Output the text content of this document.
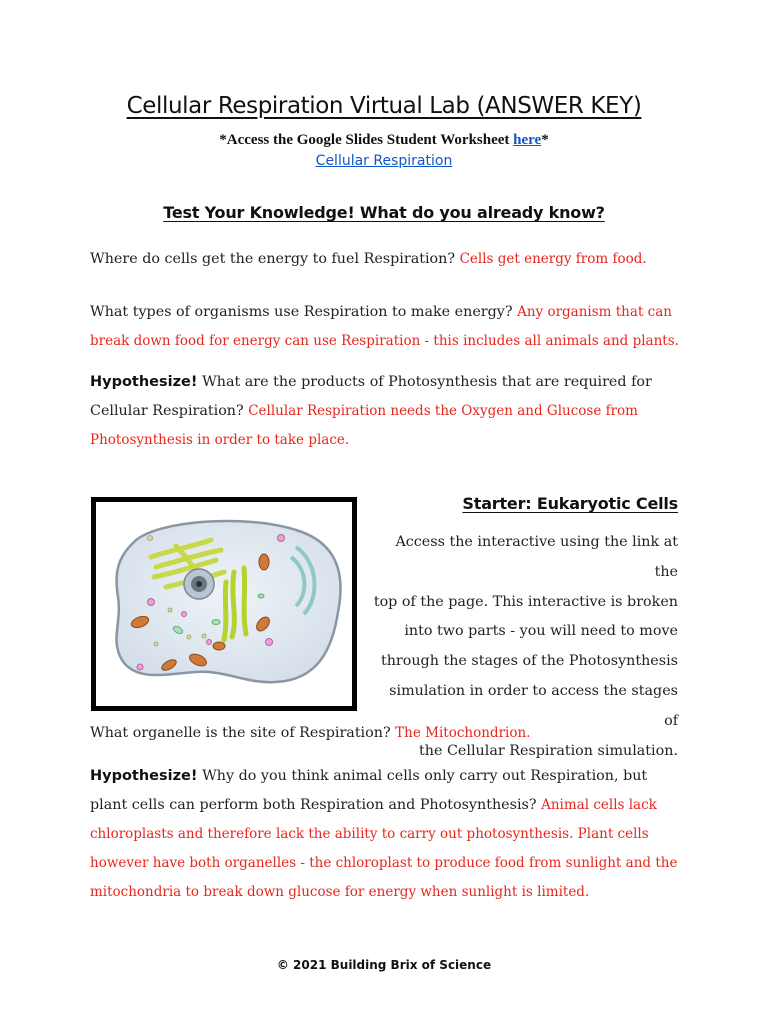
Cellular Respiration Virtual Lab (ANSWER KEY)
*Access the Google Slides Student Worksheet here*
Cellular Respiration
Test Your Knowledge! What do you already know?
Where do cells get the energy to fuel Respiration? Cells get energy from food.
What types of organisms use Respiration to make energy? Any organism that can break down food for energy can use Respiration - this includes all animals and plants.
Hypothesize! What are the products of Photosynthesis that are required for Cellular Respiration? Cellular Respiration needs the Oxygen and Glucose from Photosynthesis in order to take place.
Starter: Eukaryotic Cells
Access the interactive using the link at the
top of the page. This interactive is broken
into two parts - you will need to move
through the stages of the Photosynthesis
simulation in order to access the stages of
the Cellular Respiration simulation.
What organelle is the site of Respiration? The Mitochondrion.
Hypothesize! Why do you think animal cells only carry out Respiration, but plant cells can perform both Respiration and Photosynthesis? Animal cells lack chloroplasts and therefore lack the ability to carry out photosynthesis. Plant cells however have both organelles - the chloroplast to produce food from sunlight and the mitochondria to break down glucose for energy when sunlight is limited.
© 2021 Building Brix of Science
